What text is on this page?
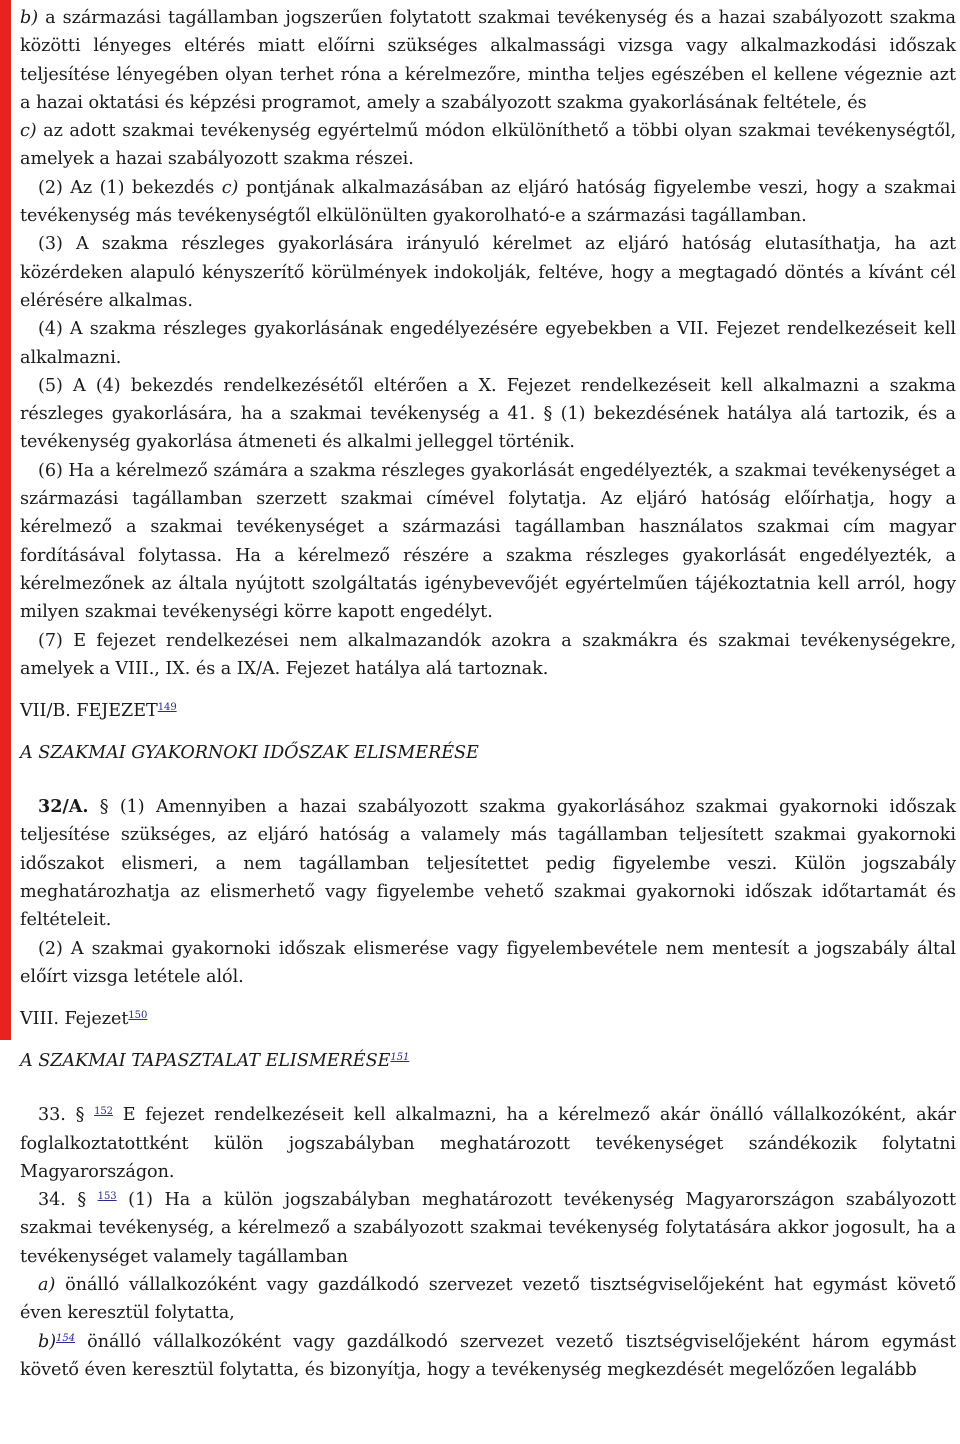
b) a származási tagállamban jogszerűen folytatott szakmai tevékenység és a hazai szabályozott szakma közötti lényeges eltérés miatt előírni szükséges alkalmassági vizsga vagy alkalmazkodási időszak teljesítése lényegében olyan terhet róna a kérelmezőre, mintha teljes egészében el kellene végeznie azt a hazai oktatási és képzési programot, amely a szabályozott szakma gyakorlásának feltétele, és

c) az adott szakmai tevékenység egyértelmű módon elkülöníthető a többi olyan szakmai tevékenységtől, amelyek a hazai szabályozott szakma részei.

(2) Az (1) bekezdés c) pontjának alkalmazásában az eljáró hatóság figyelembe veszi, hogy a szakmai tevékenység más tevékenységtől elkülönülten gyakorolható-e a származási tagállamban.

(3) A szakma részleges gyakorlására irányuló kérelmet az eljáró hatóság elutasíthatja, ha azt közérdeken alapuló kényszerítő körülmények indokolják, feltéve, hogy a megtagadó döntés a kívánt cél elérésére alkalmas.

(4) A szakma részleges gyakorlásának engedélyezésére egyebekben a VII. Fejezet rendelkezéseit kell alkalmazni.

(5) A (4) bekezdés rendelkezésétől eltérően a X. Fejezet rendelkezéseit kell alkalmazni a szakma részleges gyakorlására, ha a szakmai tevékenység a 41. § (1) bekezdésének hatálya alá tartozik, és a tevékenység gyakorlása átmeneti és alkalmi jelleggel történik.

(6) Ha a kérelmező számára a szakma részleges gyakorlását engedélyezték, a szakmai tevékenységet a származási tagállamban szerzett szakmai címével folytatja. Az eljáró hatóság előírhatja, hogy a kérelmező a szakmai tevékenységet a származási tagállamban használatos szakmai cím magyar fordításával folytassa. Ha a kérelmező részére a szakma részleges gyakorlását engedélyezték, a kérelmezőnek az általa nyújtott szolgáltatás igénybevevőjét egyértelműen tájékoztatnia kell arról, hogy milyen szakmai tevékenységi körre kapott engedélyt.

(7) E fejezet rendelkezései nem alkalmazandók azokra a szakmákra és szakmai tevékenységekre, amelyek a VIII., IX. és a IX/A. Fejezet hatálya alá tartoznak.

VII/B. FEJEZET$^{149}$

A SZAKMAI GYAKORNOKI IDŐSZAK ELISMERÉSE

32/A. § (1) Amennyiben a hazai szabályozott szakma gyakorlásához szakmai gyakornoki időszak teljesítése szükséges, az eljáró hatóság a valamely más tagállamban teljesített szakmai gyakornoki időszakot elismeri, a nem tagállamban teljesítettet pedig figyelembe veszi. Külön jogszabály meghatározhatja az elismerhető vagy figyelembe vehető szakmai gyakornoki időszak időtartamát és feltételeit.

(2) A szakmai gyakornoki időszak elismerése vagy figyelembevétele nem mentesít a jogszabály által előírt vizsga letétele alól.

VIII. Fejezet$^{150}$

A SZAKMAI TAPASZTALAT ELISMERÉSE$^{151}$

33. § $^{152}$ E fejezet rendelkezéseit kell alkalmazni, ha a kérelmező akár önálló vállalkozóként, akár foglalkoztatottként külön jogszabályban meghatározott tevékenységet szándékozik folytatni Magyarországon.

34. § $^{153}$ (1) Ha a külön jogszabályban meghatározott tevékenység Magyarországon szabályozott szakmai tevékenység, a kérelmező a szabályozott szakmai tevékenység folytatására akkor jogosult, ha a tevékenységet valamely tagállamban

a) önálló vállalkozóként vagy gazdálkodó szervezet vezető tisztségviselőjeként hat egymást követő éven keresztül folytatta,

b)$^{154}$ önálló vállalkozóként vagy gazdálkodó szervezet vezető tisztségviselőjeként három egymást követő éven keresztül folytatta, és bizonyítja, hogy a tevékenység megkezdését megelőzően legalább
